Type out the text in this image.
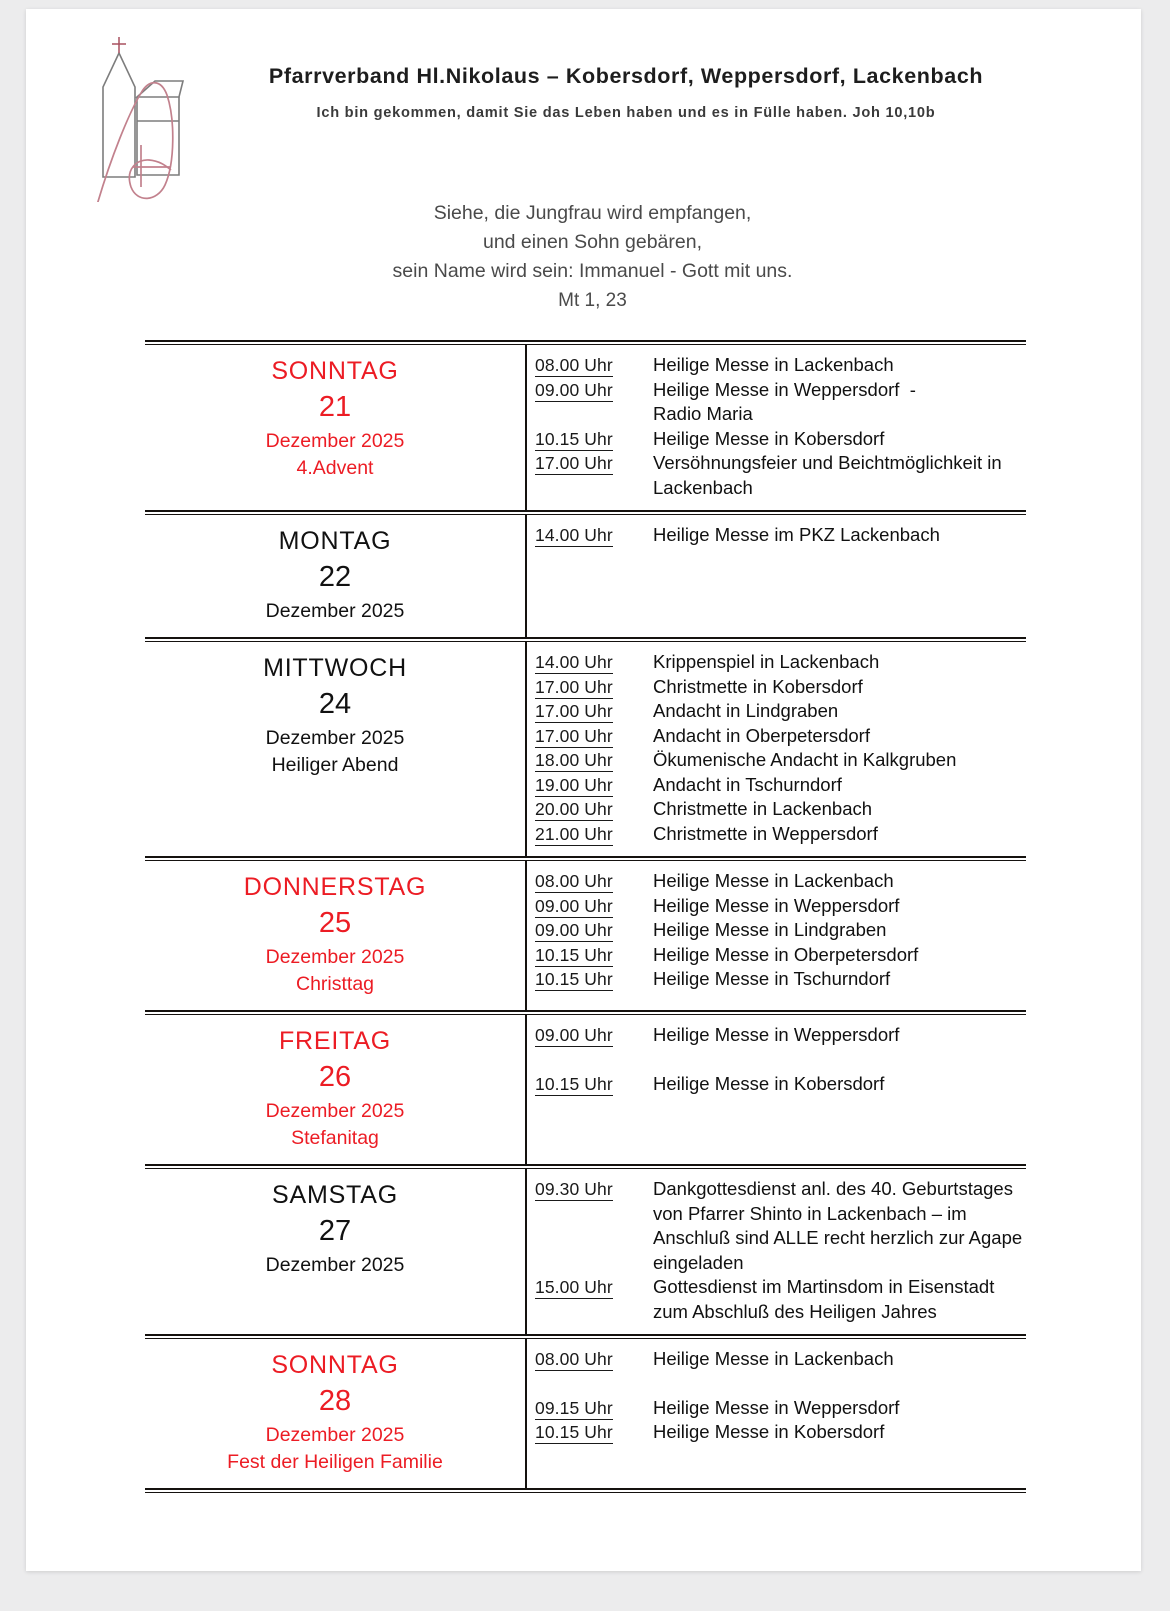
Pfarrverband Hl.Nikolaus – Kobersdorf, Weppersdorf, Lackenbach
Ich bin gekommen, damit Sie das Leben haben und es in Fülle haben. Joh 10,10b
Siehe, die Jungfrau wird empfangen,
und einen Sohn gebären,
sein Name wird sein: Immanuel - Gott mit uns.
Mt 1, 23
SONNTAG
21
Dezember 2025
4.Advent
08.00 Uhr	Heilige Messe in Lackenbach
09.00 Uhr	Heilige Messe in Weppersdorf  -
Radio Maria
10.15 Uhr	Heilige Messe in Kobersdorf
17.00 Uhr	Versöhnungsfeier und Beichtmöglichkeit in
Lackenbach
MONTAG
22
Dezember 2025
14.00 Uhr	Heilige Messe im PKZ Lackenbach
MITTWOCH
24
Dezember 2025
Heiliger Abend
14.00 Uhr	Krippenspiel in Lackenbach
17.00 Uhr	Christmette in Kobersdorf
17.00 Uhr	Andacht in Lindgraben
17.00 Uhr	Andacht in Oberpetersdorf
18.00 Uhr	Ökumenische Andacht in Kalkgruben
19.00 Uhr	Andacht in Tschurndorf
20.00 Uhr	Christmette in Lackenbach
21.00 Uhr	Christmette in Weppersdorf
DONNERSTAG
25
Dezember 2025
Christtag
08.00 Uhr	Heilige Messe in Lackenbach
09.00 Uhr	Heilige Messe in Weppersdorf
09.00 Uhr	Heilige Messe in Lindgraben
10.15 Uhr	Heilige Messe in Oberpetersdorf
10.15 Uhr	Heilige Messe in Tschurndorf
FREITAG
26
Dezember 2025
Stefanitag
09.00 Uhr	Heilige Messe in Weppersdorf
10.15 Uhr	Heilige Messe in Kobersdorf
SAMSTAG
27
Dezember 2025
09.30 Uhr	Dankgottesdienst anl. des 40. Geburtstages
von Pfarrer Shinto in Lackenbach – im
Anschluß sind ALLE recht herzlich zur Agape
eingeladen
15.00 Uhr	Gottesdienst im Martinsdom in Eisenstadt
zum Abschluß des Heiligen Jahres
SONNTAG
28
Dezember 2025
Fest der Heiligen Familie
08.00 Uhr	Heilige Messe in Lackenbach
09.15 Uhr	Heilige Messe in Weppersdorf
10.15 Uhr	Heilige Messe in Kobersdorf
